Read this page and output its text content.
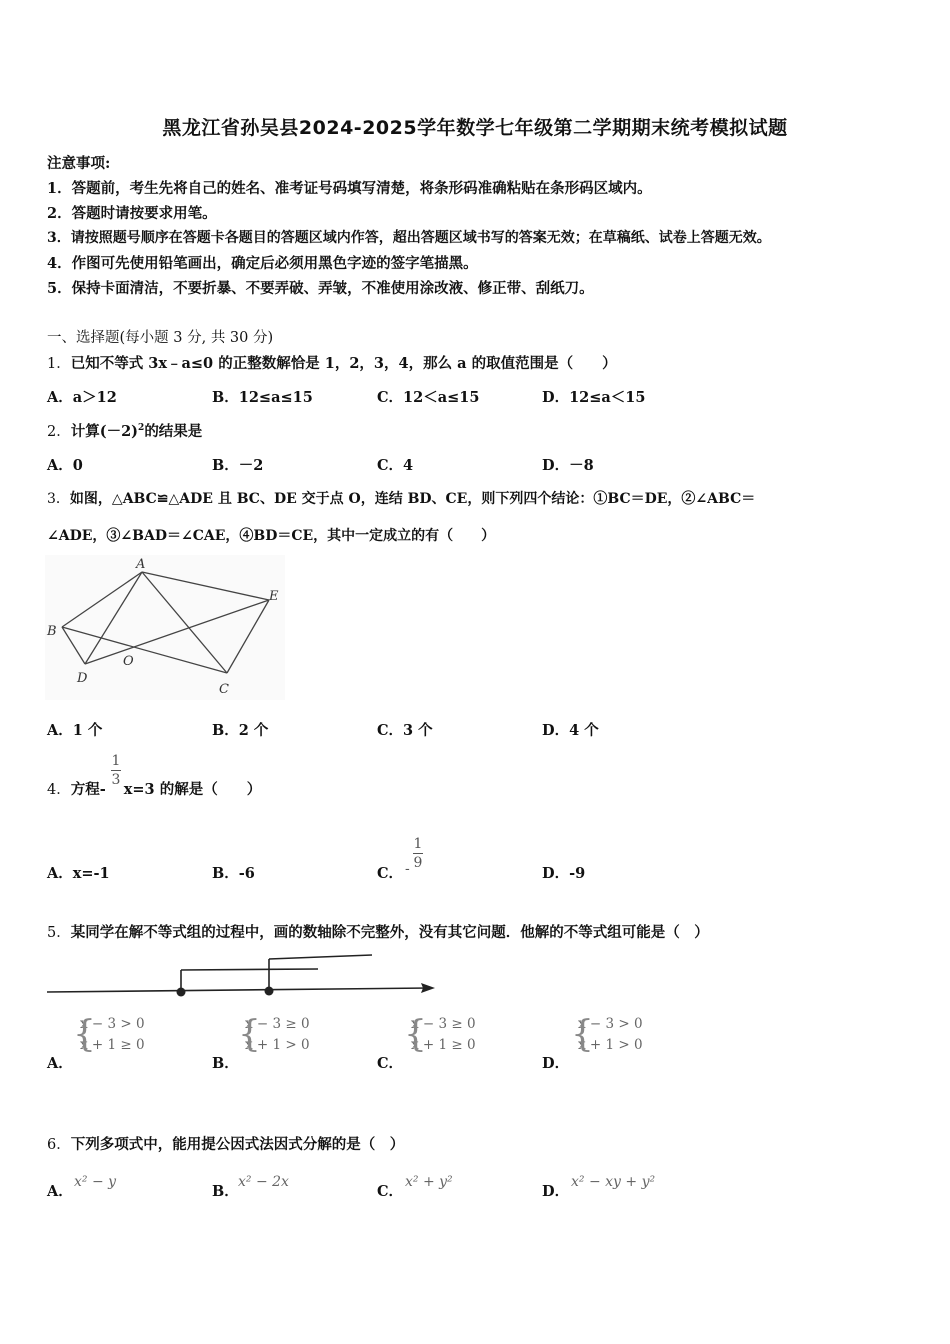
黑龙江省孙吴县2024-2025学年数学七年级第二学期期末统考模拟试题
注意事项:
1．答题前，考生先将自己的姓名、准考证号码填写清楚，将条形码准确粘贴在条形码区域内。
2．答题时请按要求用笔。
3．请按照题号顺序在答题卡各题目的答题区域内作答，超出答题区域书写的答案无效；在草稿纸、试卷上答题无效。
4．作图可先使用铅笔画出，确定后必须用黑色字迹的签字笔描黑。
5．保持卡面清洁，不要折暴、不要弄破、弄皱，不准使用涂改液、修正带、刮纸刀。
一、选择题(每小题 3 分, 共 30 分)
1．已知不等式 3x﹣a≤0 的正整数解恰是 1，2，3，4，那么 a 的取值范围是（　　）
A．a＞12	B．12≤a≤15	C．12＜a≤15	D．12≤a＜15
2．计算$(-2)^2$的结果是
A．0	B．－2	C．4	D．－8
3．如图，△ABC≌△ADE 且 BC、DE 交于点 O，连结 BD、CE，则下列四个结论：①BC＝DE，②∠ABC＝
∠ADE，③∠BAD＝∠CAE，④BD＝CE，其中一定成立的有（　　）
A
B
D
O
C
E
A．1 个	B．2 个	C．3 个	D．4 个
4．方程- x=3 的解是（　　）
1
3
A．x=-1	B．-6	C． -
1
9
D．-9
5．某同学在解不等式组的过程中，画的数轴除不完整外，没有其它问题．他解的不等式组可能是（　）
A．
{
x − 3 > 0
x + 1 ≥ 0
B．
{
x − 3 ≥ 0
x + 1 > 0
C．
{
x − 3 ≥ 0
x + 1 ≥ 0
D．
{
x − 3 > 0
x + 1 > 0
6．下列多项式中，能用提公因式法因式分解的是（　）
A．
x² − y
B．
x² − 2x
C．
x² + y²
D．
x² − xy + y²
